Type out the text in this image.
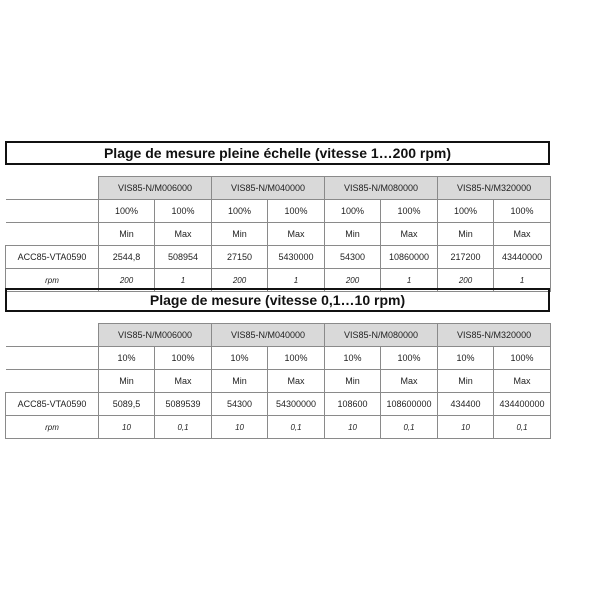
Plage de mesure pleine échelle (vitesse 1…200 rpm)
	VIS85-N/M006000		VIS85-N/M040000		VIS85-N/M080000		VIS85-N/M320000	
	100%	100%	100%	100%	100%	100%	100%	100%
	Min	Max	Min	Max	Min	Max	Min	Max
ACC85-VTA0590	2544,8	508954	27150	5430000	54300	10860000	217200	43440000
rpm	200	1	200	1	200	1	200	1
Plage de mesure (vitesse 0,1…10 rpm)
	VIS85-N/M006000		VIS85-N/M040000		VIS85-N/M080000		VIS85-N/M320000	
	10%	100%	10%	100%	10%	100%	10%	100%
	Min	Max	Min	Max	Min	Max	Min	Max
ACC85-VTA0590	5089,5	5089539	54300	54300000	108600	108600000	434400	434400000
rpm	10	0,1	10	0,1	10	0,1	10	0,1
